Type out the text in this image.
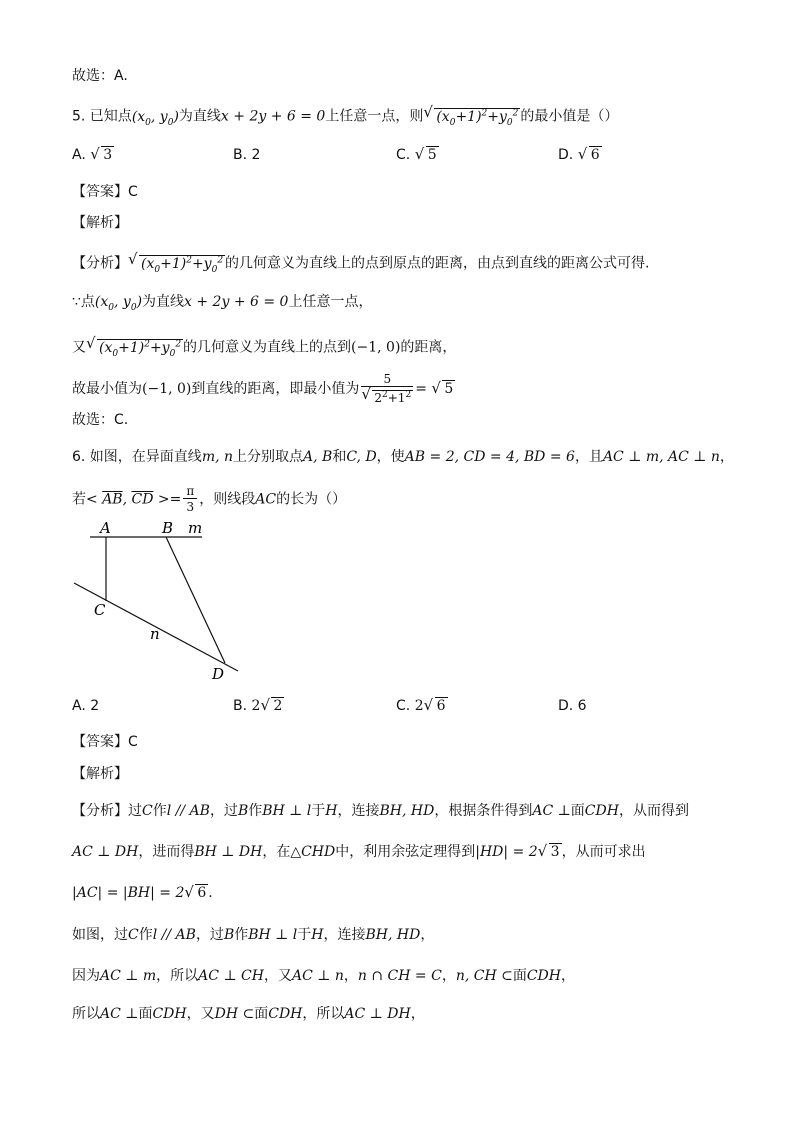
故选：A.
5. 已知点($x_0$, $y_0$)为直线x + 2y + 6 = 0上任意一点，则 √ $(x_0+1)^2+y_0^2$ 的最小值是（）
A. √ 3	B. 2	C. √ 5	D. √ 6
【答案】C
【解析】
【分析】 √ $(x_0+1)^2+y_0^2$ 的几何意义为直线上的点到原点的距离，由点到直线的距离公式可得.
∵点($x_0$, $y_0$)为直线x + 2y + 6 = 0上任意一点，
又 √ $(x_0+1)^2+y_0^2$ 的几何意义为直线上的点到(−1, 0)的距离，
故最小值为(−1, 0)到直线的距离，即最小值为 5
√ $2^2+1^2$ = √ 5
故选：C.
6. 如图，在异面直线m, n上分别取点A, B和C, D，使AB = 2, CD = 4, BD = 6，且AC ⊥ m, AC ⊥ n，
若< $\overline{AB}$, $\overline{CD} >= \frac{\pi}{3}$ ，则线段AC的长为（）
A	B m
C
n
D
A. 2	B. 2 √ 2	C. 2 √ 6	D. 6
【答案】C
【解析】
【分析】过C作l // AB，过B作BH ⊥ l于H，连接BH, HD，根据条件得到AC ⊥面CDH，从而得到
AC ⊥ DH，进而得BH ⊥ DH，在△CHD中，利用余弦定理得到|HD| = 2 √ 3 ，从而可求出
|AC| = |BH| = 2 √ 6 .
如图，过C作l // AB，过B作BH ⊥ l于H，连接BH, HD，
因为AC ⊥ m，所以AC ⊥ CH，又AC ⊥ n，n ∩ CH = C，n, CH ⊂面CDH，
所以AC ⊥面CDH，又DH ⊂面CDH，所以AC ⊥ DH，
